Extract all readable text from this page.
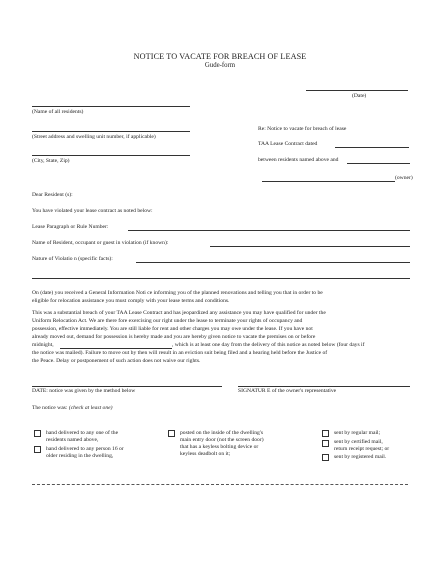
NOTICE TO VACATE FOR BREACH OF LEASE
Gude-form
(Name of all residents)
(Street address and swelling unit number, if applicable)
(City, State, Zip)
(Date)
Re: Notice to vacate for breach of lease
TAA Lease Contract dated
between residents named above and
(owner)
Dear Resident (s):
You have violated your lease contract as noted below:
Lease Paragraph or Rule Number:
Name of Resident, occupant or guest in violation (if known):
Nature of Violatio n (specific facts):
On (date) you received a General Information Noti ce informing you of the planned renovations and telling you that in order to be
eligible for relocation assistance you must comply with your lease terms and conditions.
This was a substantial breach of your TAA Lease Contract and has jeopardized any assistance you may have qualified for under the
Uniform Relocation Act. We are there fore exercising our right under the lease to terminate your rights of occupancy and
possession, effective immediately. You are still liable for rent and other charges you may owe under the lease. If you have not
already moved out, demand for possession is hereby made and you are hereby given notice to vacate the premises on or before
midnight,	, which is at least one day from the delivery of this notice as noted below (four days if
the notice was mailed). Failure to move out by then will result in an eviction suit being filed and a hearing held before the Justice of
the Peace. Delay or postponement of such action does not waive our rights.
DATE: notice was given by the method below	SIGNATUR E of the owner's representative
The notice was: (check at least one)
hand delivered to any one of the
residents named above,
hand delivered to any person 16 or
older residing in the dwelling,
posted on the inside of the dwelling's
main entry door (not the screen door)
that has a keyless bolting device or
keyless deadbolt on it;
sent by regular mail;
sent by certified mail,
return receipt request; or
sent by registered mail.
